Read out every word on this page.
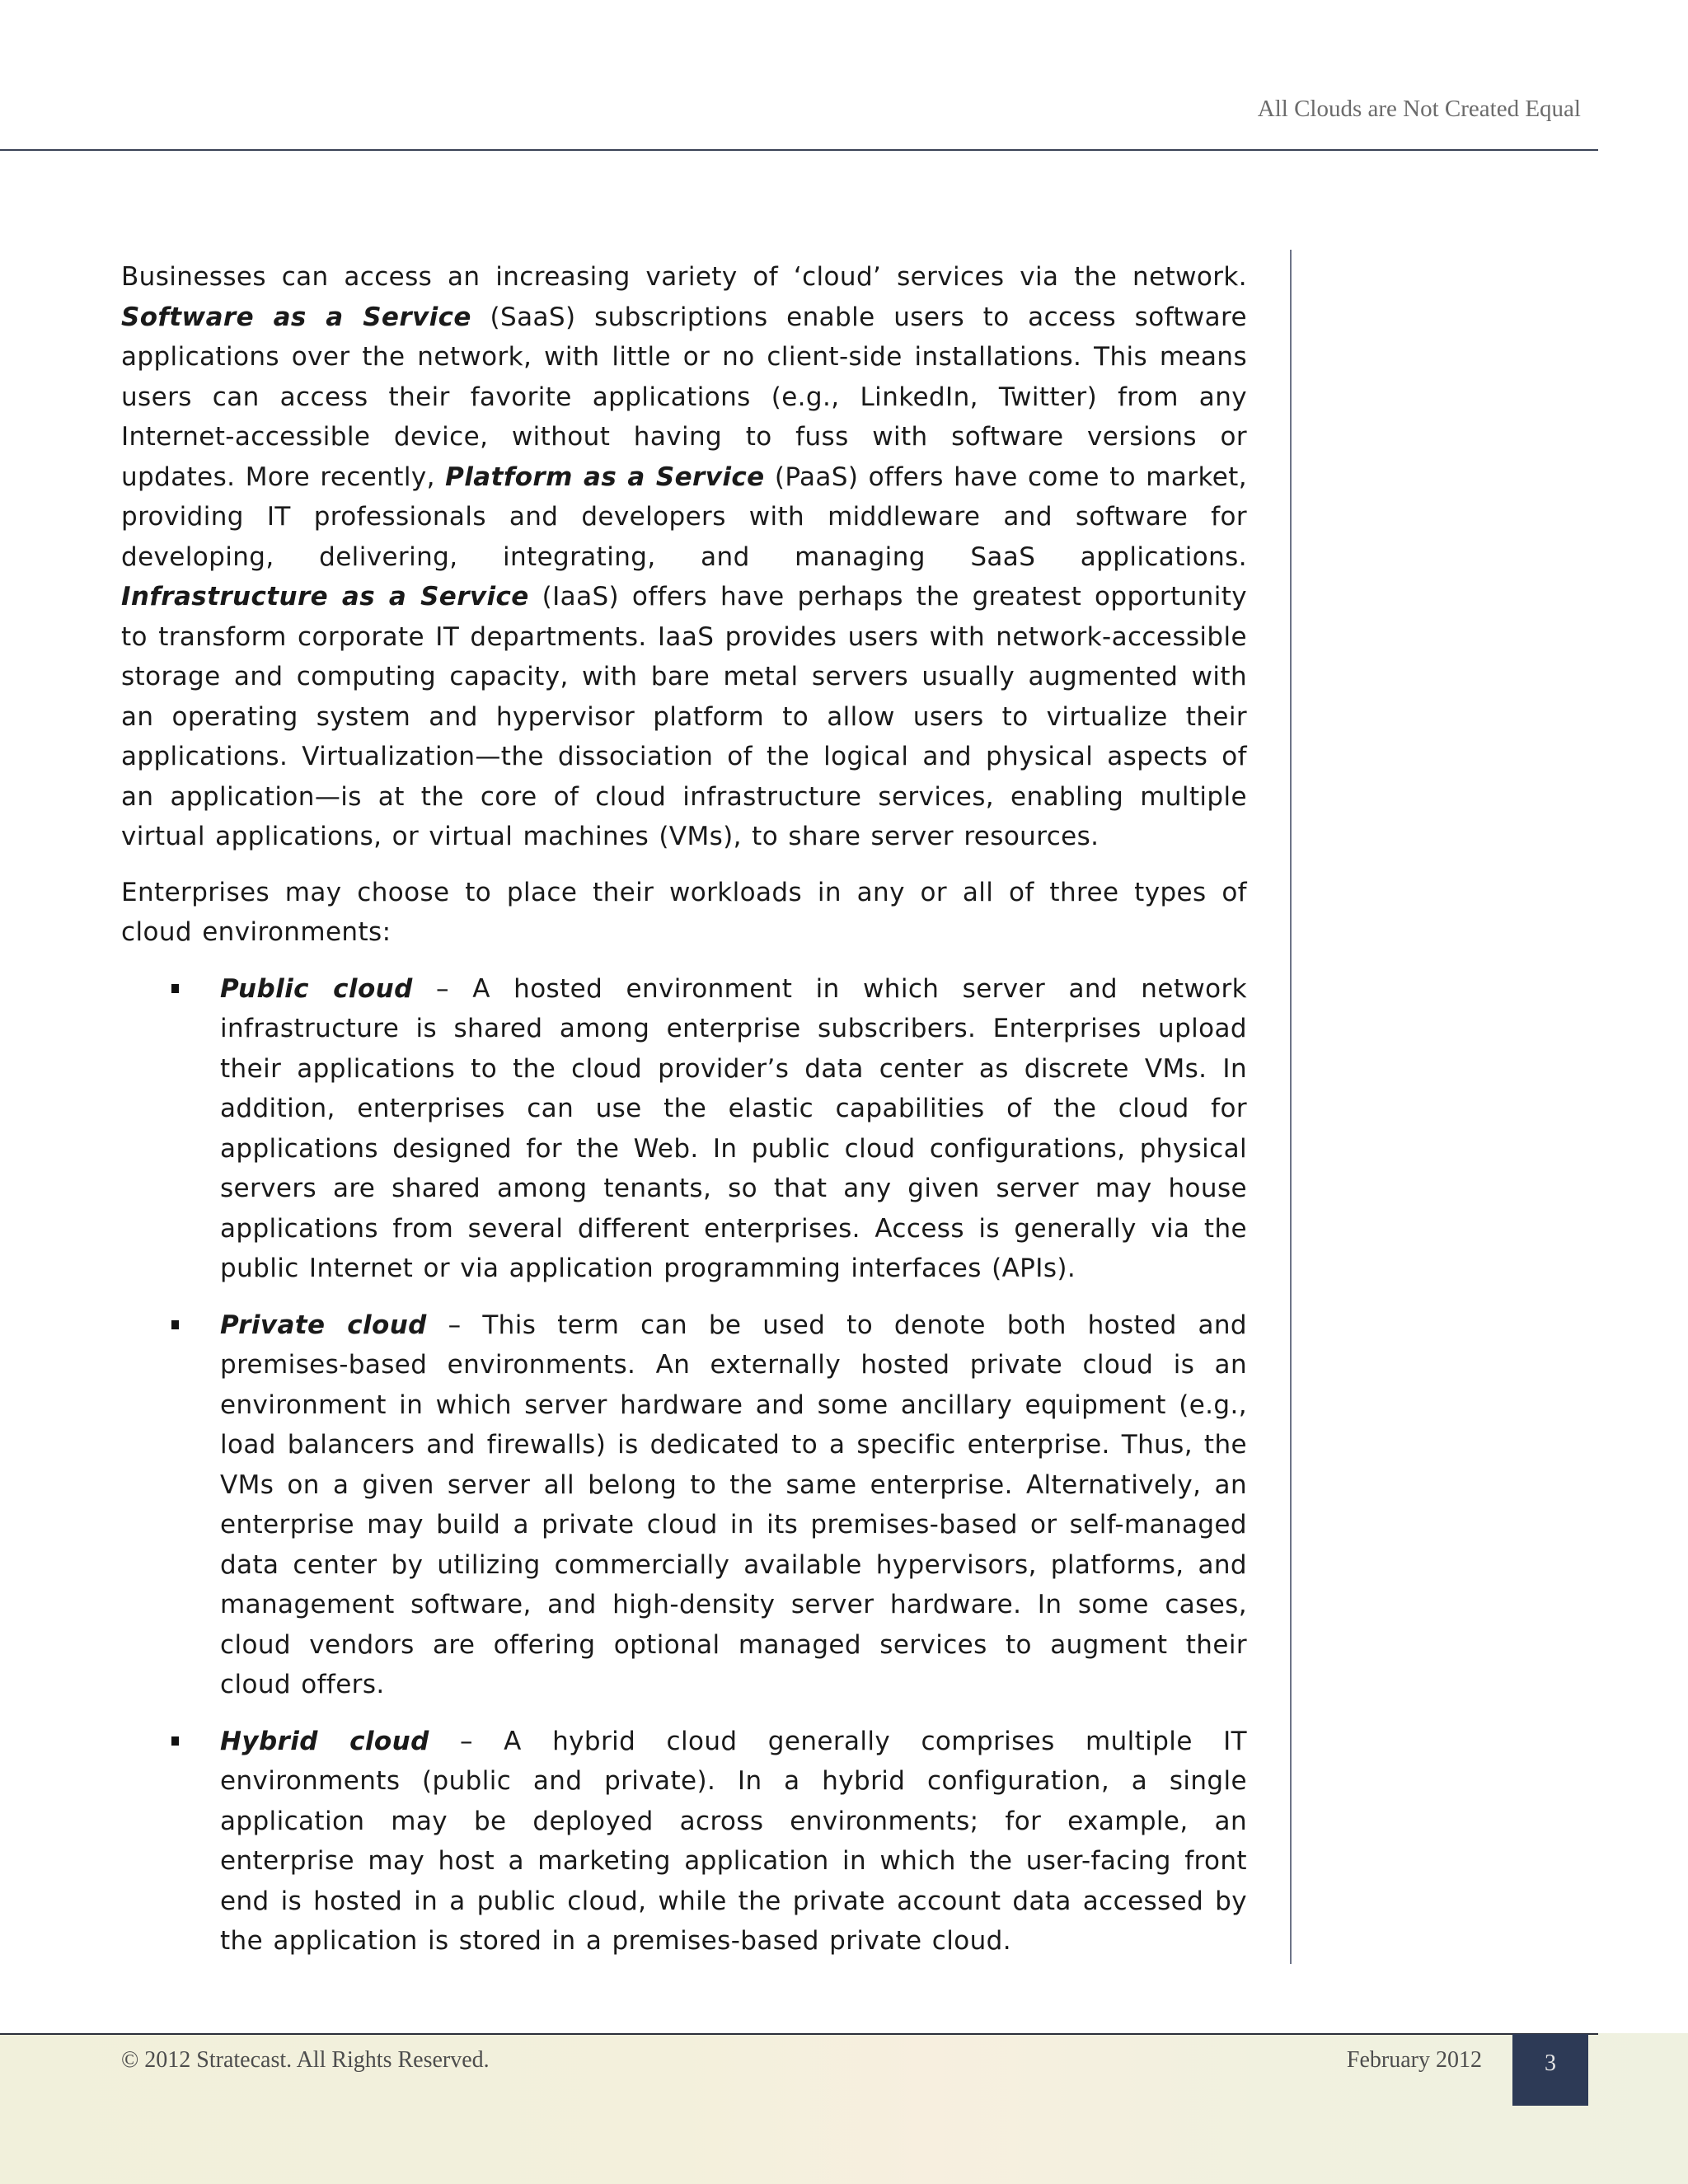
All Clouds are Not Created Equal

Businesses can access an increasing variety of ‘cloud’ services via the network. Software as a Service (SaaS) subscriptions enable users to access software applications over the network, with little or no client-side installations. This means users can access their favorite applications (e.g., LinkedIn, Twitter) from any Internet-accessible device, without having to fuss with software versions or updates. More recently, Platform as a Service (PaaS) offers have come to market, providing IT professionals and developers with middleware and software for developing, delivering, integrating, and managing SaaS applications. Infrastructure as a Service (IaaS) offers have perhaps the greatest opportunity to transform corporate IT departments. IaaS provides users with network-accessible storage and computing capacity, with bare metal servers usually augmented with an operating system and hypervisor platform to allow users to virtualize their applications. Virtualization—the dissociation of the logical and physical aspects of an application—is at the core of cloud infrastructure services, enabling multiple virtual applications, or virtual machines (VMs), to share server resources.

Enterprises may choose to place their workloads in any or all of three types of cloud environments:

Public cloud – A hosted environment in which server and network infrastructure is shared among enterprise subscribers. Enterprises upload their applications to the cloud provider’s data center as discrete VMs. In addition, enterprises can use the elastic capabilities of the cloud for applications designed for the Web. In public cloud configurations, physical servers are shared among tenants, so that any given server may house applications from several different enterprises. Access is generally via the public Internet or via application programming interfaces (APIs).
Private cloud – This term can be used to denote both hosted and premises-based environments. An externally hosted private cloud is an environment in which server hardware and some ancillary equipment (e.g., load balancers and firewalls) is dedicated to a specific enterprise. Thus, the VMs on a given server all belong to the same enterprise. Alternatively, an enterprise may build a private cloud in its premises-based or self-managed data center by utilizing commercially available hypervisors, platforms, and management software, and high-density server hardware. In some cases, cloud vendors are offering optional managed services to augment their cloud offers.
Hybrid cloud – A hybrid cloud generally comprises multiple IT environments (public and private). In a hybrid configuration, a single application may be deployed across environments; for example, an enterprise may host a marketing application in which the user-facing front end is hosted in a public cloud, while the private account data accessed by the application is stored in a premises-based private cloud.
© 2012 Stratecast. All Rights Reserved.	February 2012	3
